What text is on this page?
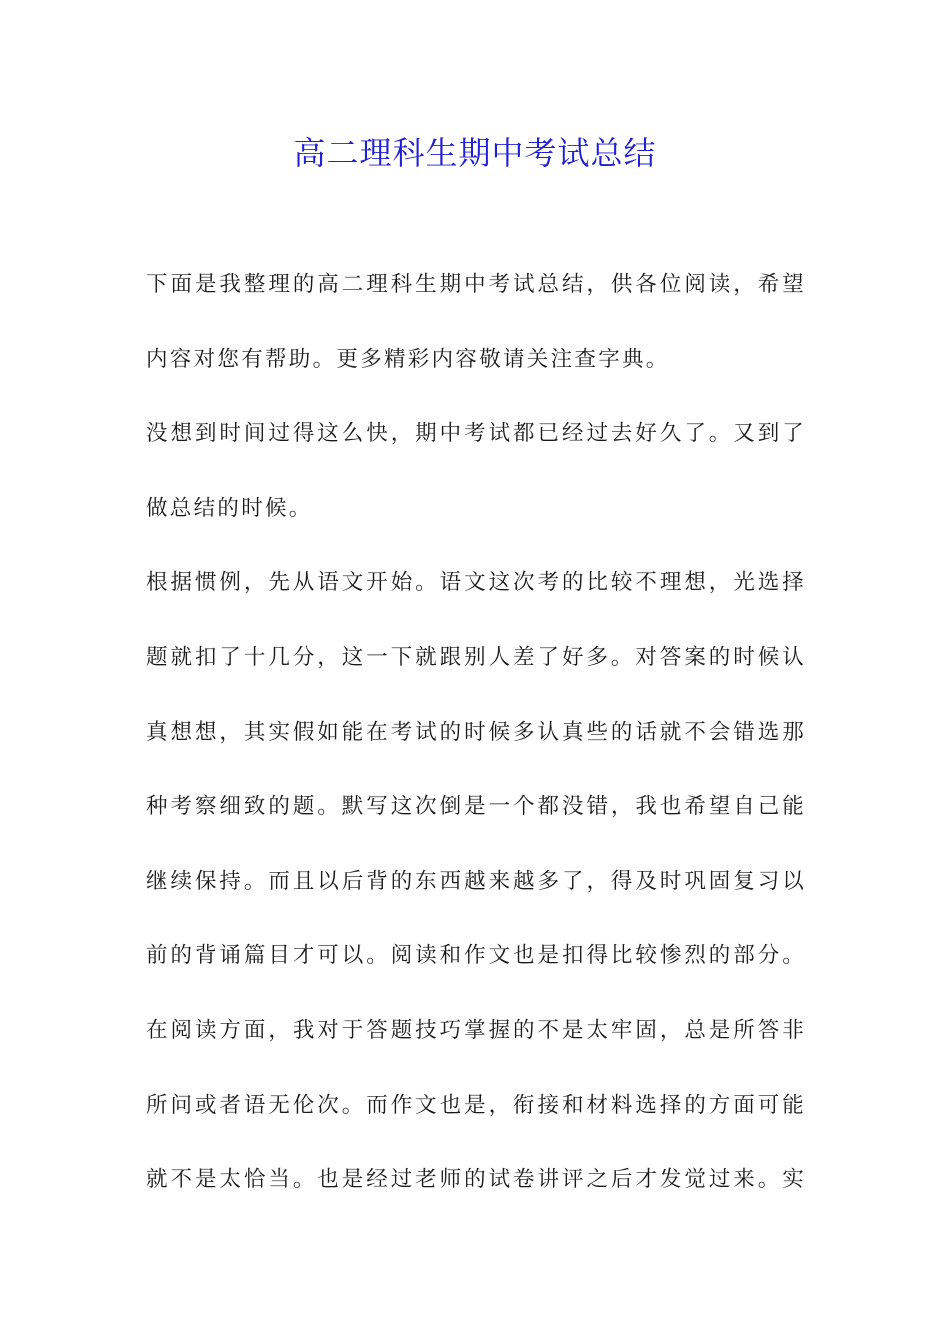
高二理科生期中考试总结
下面是我整理的高二理科生期中考试总结，供各位阅读，希望
内容对您有帮助。更多精彩内容敬请关注查字典。
没想到时间过得这么快，期中考试都已经过去好久了。又到了
做总结的时候。
根据惯例，先从语文开始。语文这次考的比较不理想，光选择
题就扣了十几分，这一下就跟别人差了好多。对答案的时候认
真想想，其实假如能在考试的时候多认真些的话就不会错选那
种考察细致的题。默写这次倒是一个都没错，我也希望自己能
继续保持。而且以后背的东西越来越多了，得及时巩固复习以
前的背诵篇目才可以。阅读和作文也是扣得比较惨烈的部分。
在阅读方面，我对于答题技巧掌握的不是太牢固，总是所答非
所问或者语无伦次。而作文也是，衔接和材料选择的方面可能
就不是太恰当。也是经过老师的试卷讲评之后才发觉过来。实
